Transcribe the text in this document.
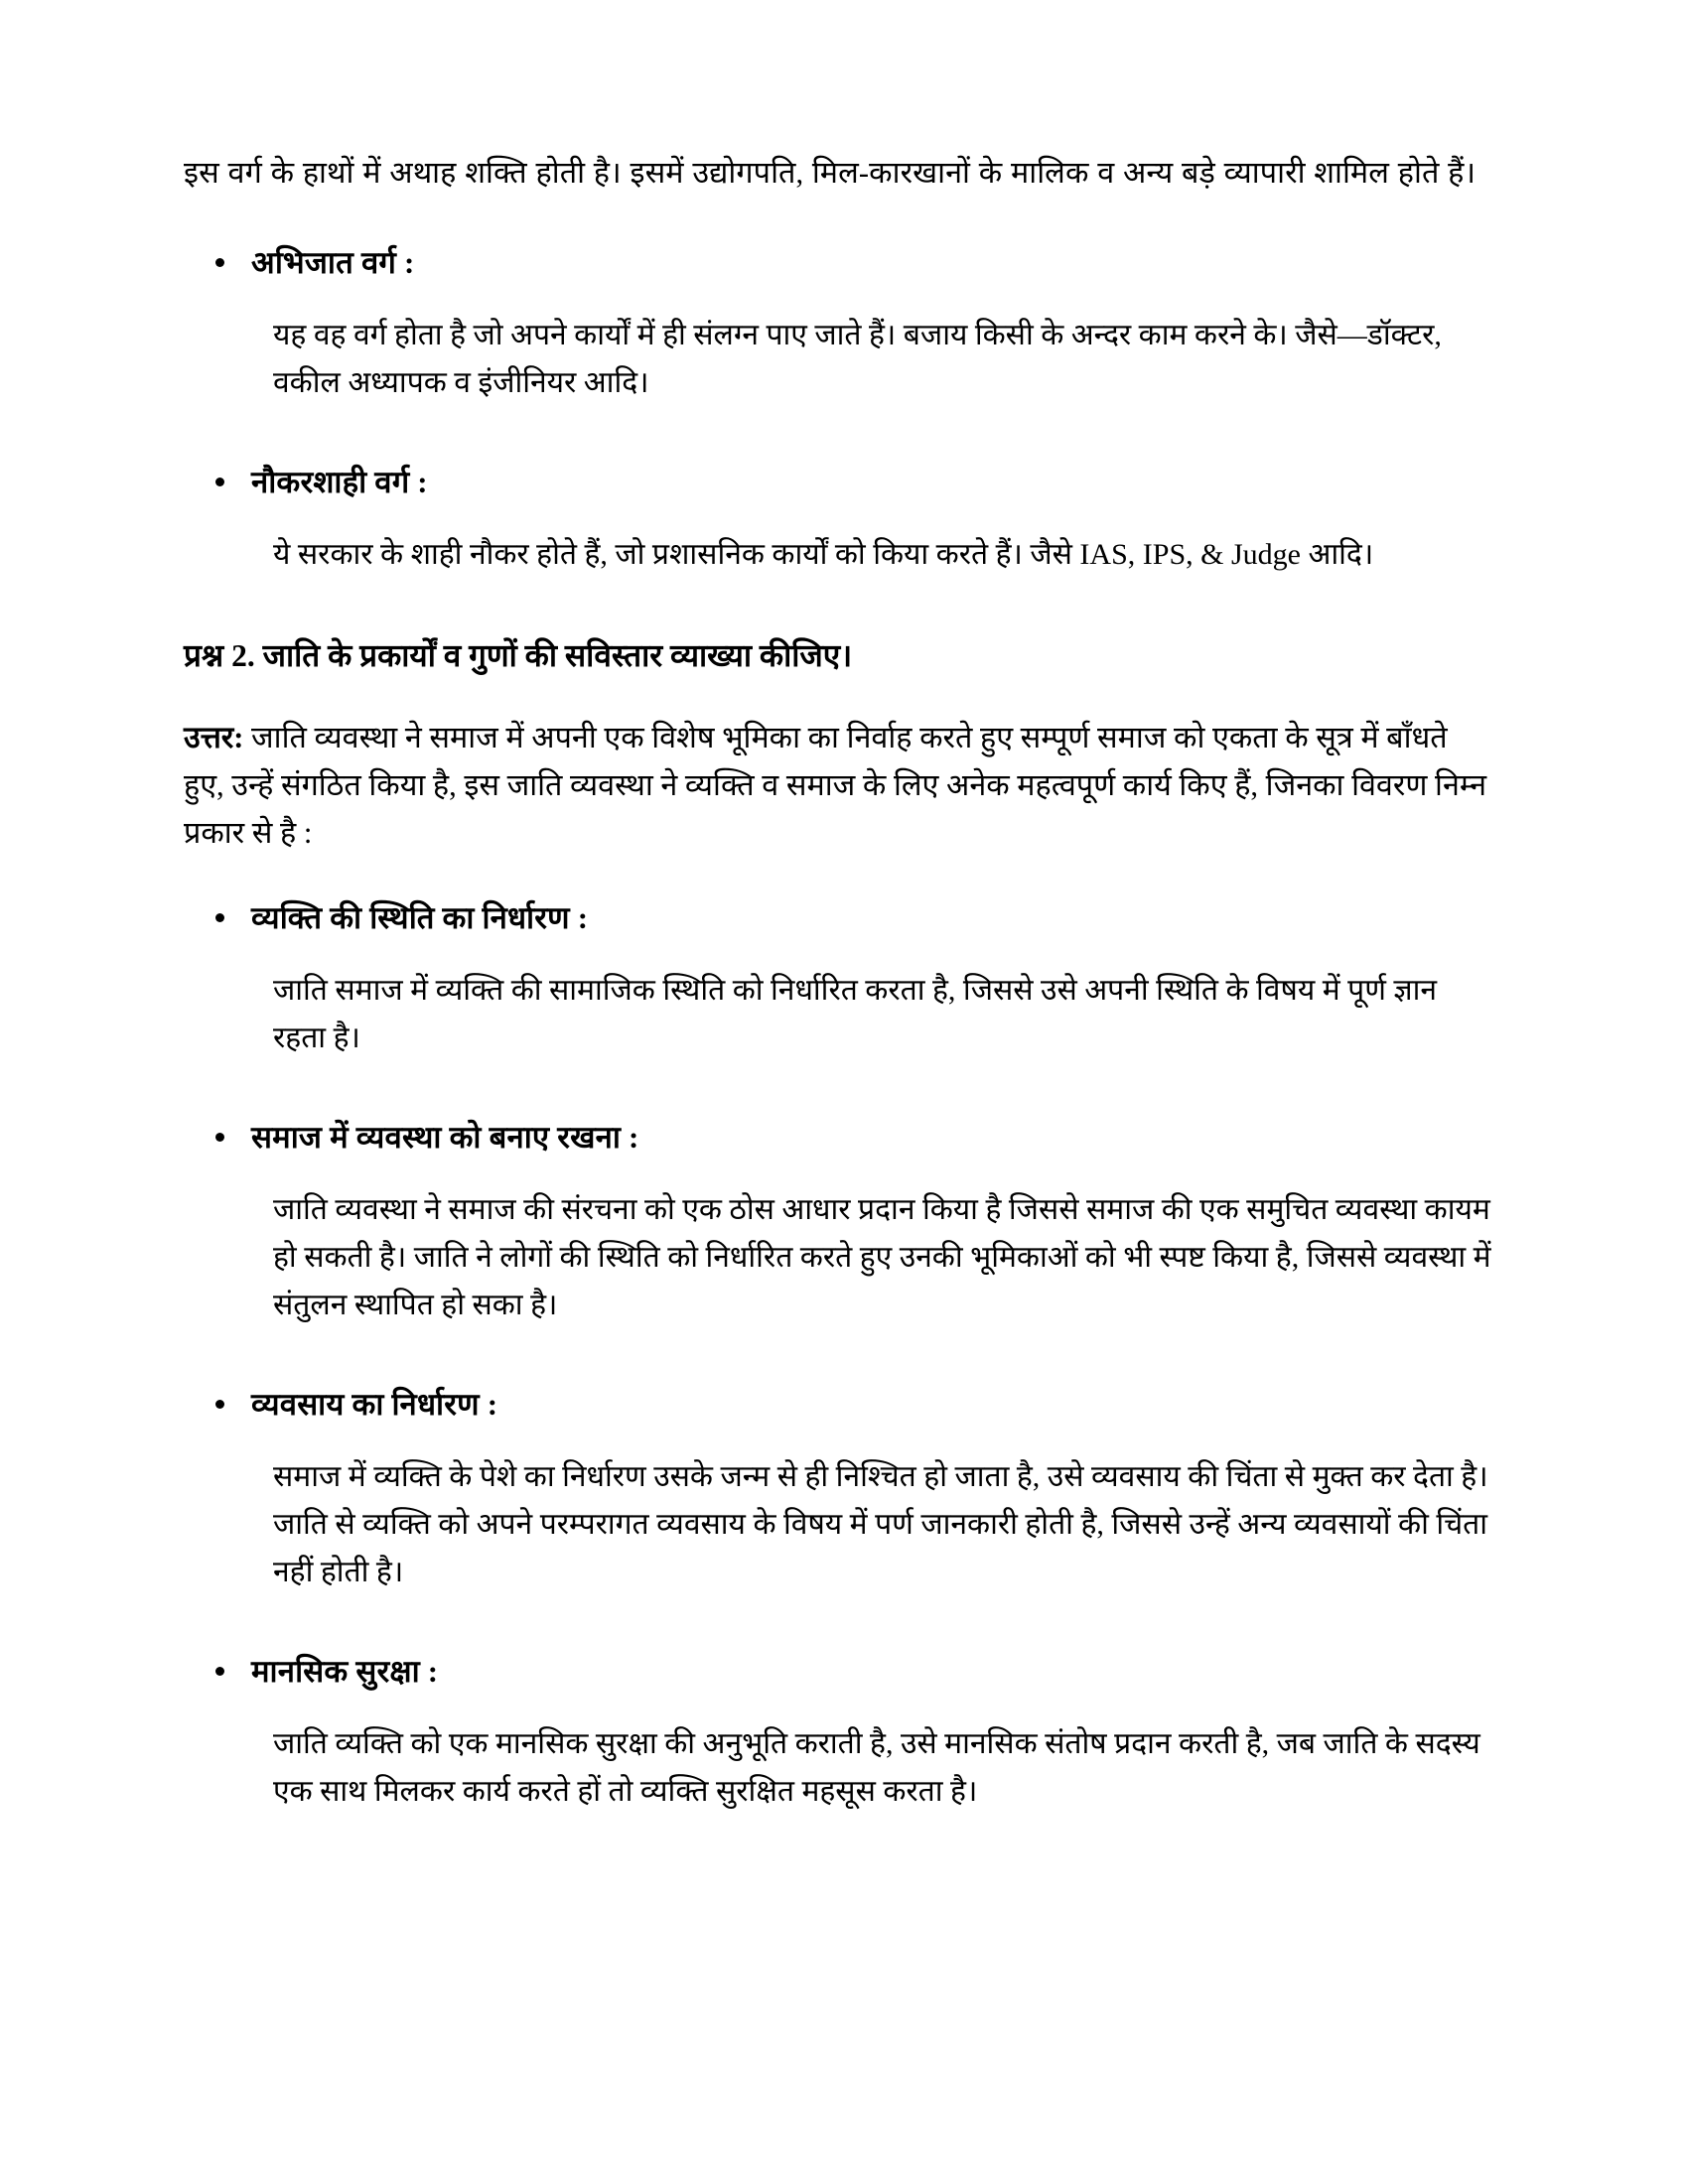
इस वर्ग के हाथों में अथाह शक्ति होती है। इसमें उद्योगपति, मिल-कारखानों के मालिक व अन्य बड़े व्यापारी शामिल होते हैं।

अभिजात वर्ग :

यह वह वर्ग होता है जो अपने कार्यों में ही संलग्न पाए जाते हैं। बजाय किसी के अन्दर काम करने के। जैसे—डॉक्टर, वकील अध्यापक व इंजीनियर आदि।

नौकरशाही वर्ग :

ये सरकार के शाही नौकर होते हैं, जो प्रशासनिक कार्यों को किया करते हैं। जैसे IAS, IPS, & Judge आदि।

प्रश्न 2. जाति के प्रकार्यों व गुणों की सविस्तार व्याख्या कीजिए।

उत्तर: जाति व्यवस्था ने समाज में अपनी एक विशेष भूमिका का निर्वाह करते हुए सम्पूर्ण समाज को एकता के सूत्र में बाँधते हुए, उन्हें संगठित किया है, इस जाति व्यवस्था ने व्यक्ति व समाज के लिए अनेक महत्वपूर्ण कार्य किए हैं, जिनका विवरण निम्न प्रकार से है :

व्यक्ति की स्थिति का निर्धारण :

जाति समाज में व्यक्ति की सामाजिक स्थिति को निर्धारित करता है, जिससे उसे अपनी स्थिति के विषय में पूर्ण ज्ञान रहता है।

समाज में व्यवस्था को बनाए रखना :

जाति व्यवस्था ने समाज की संरचना को एक ठोस आधार प्रदान किया है जिससे समाज की एक समुचित व्यवस्था कायम हो सकती है। जाति ने लोगों की स्थिति को निर्धारित करते हुए उनकी भूमिकाओं को भी स्पष्ट किया है, जिससे व्यवस्था में संतुलन स्थापित हो सका है।

व्यवसाय का निर्धारण :

समाज में व्यक्ति के पेशे का निर्धारण उसके जन्म से ही निश्चित हो जाता है, उसे व्यवसाय की चिंता से मुक्त कर देता है। जाति से व्यक्ति को अपने परम्परागत व्यवसाय के विषय में पर्ण जानकारी होती है, जिससे उन्हें अन्य व्यवसायों की चिंता नहीं होती है।

मानसिक सुरक्षा :

जाति व्यक्ति को एक मानसिक सुरक्षा की अनुभूति कराती है, उसे मानसिक संतोष प्रदान करती है, जब जाति के सदस्य एक साथ मिलकर कार्य करते हों तो व्यक्ति सुरक्षित महसूस करता है।
